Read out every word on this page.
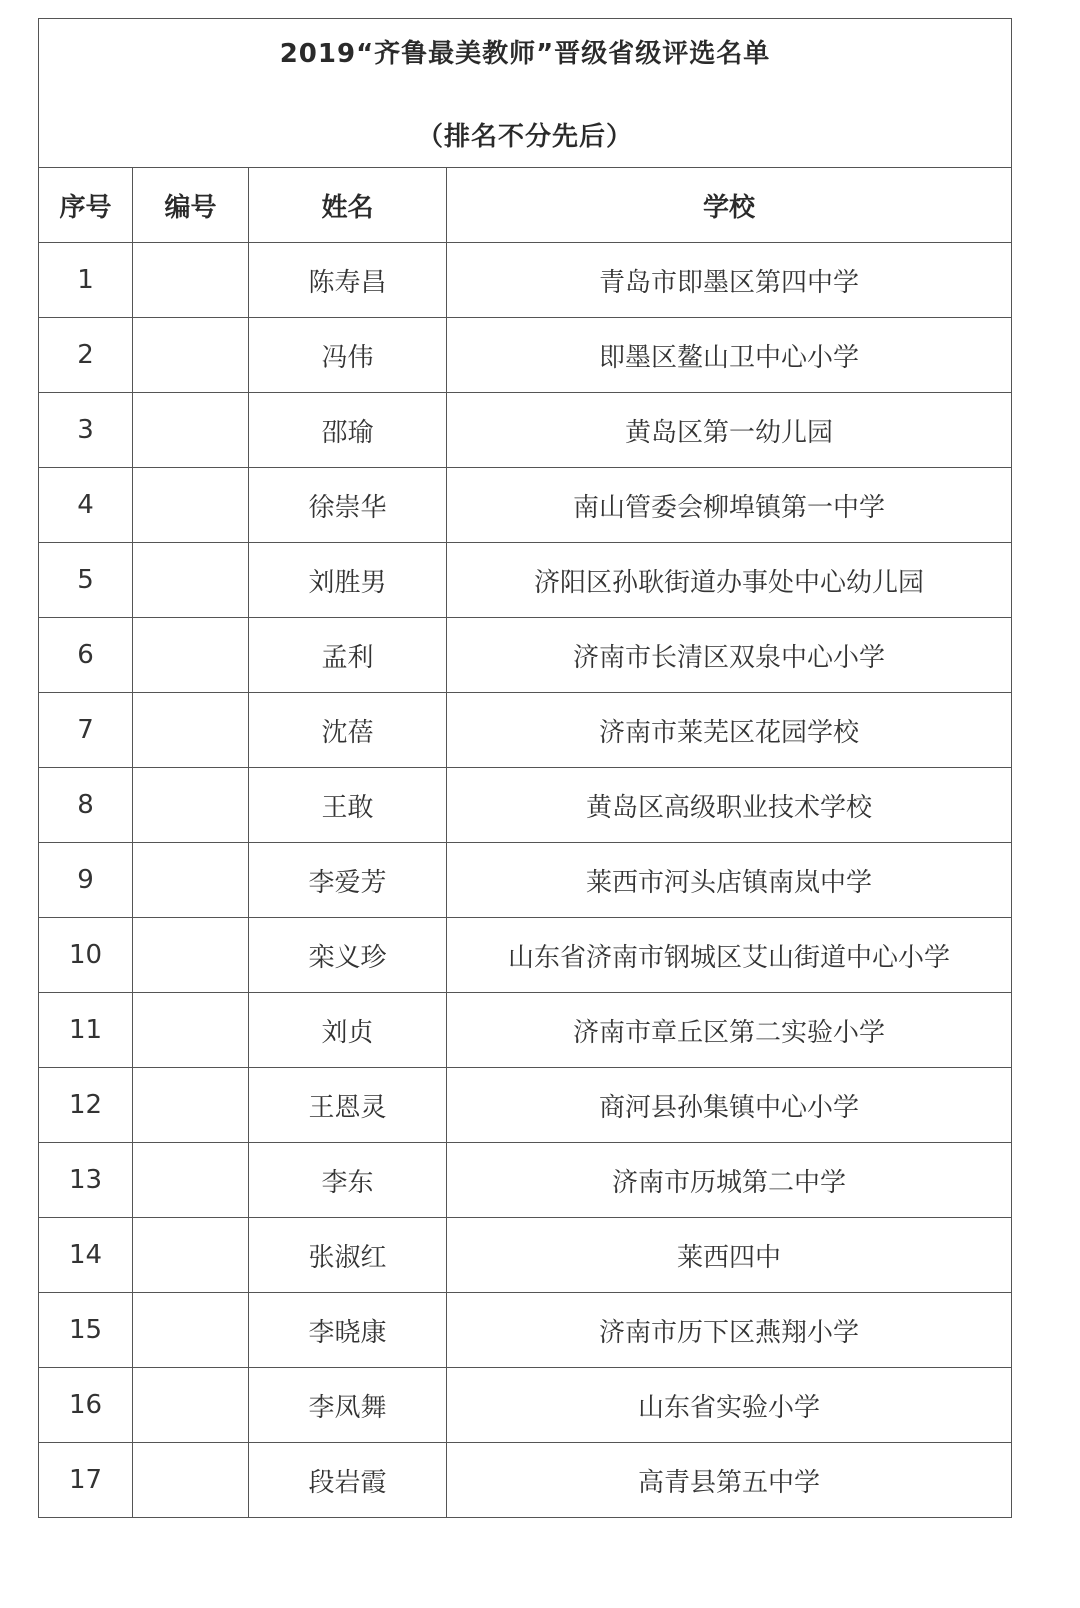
2019“齐鲁最美教师”晋级省级评选名单
（排名不分先后）			

序号	编号	姓名	学校
1		陈寿昌	青岛市即墨区第四中学
2		冯伟	即墨区鳌山卫中心小学
3		邵瑜	黄岛区第一幼儿园
4		徐崇华	南山管委会柳埠镇第一中学
5		刘胜男	济阳区孙耿街道办事处中心幼儿园
6		孟利	济南市长清区双泉中心小学
7		沈蓓	济南市莱芜区花园学校
8		王敢	黄岛区高级职业技术学校
9		李爱芳	莱西市河头店镇南岚中学
10		栾义珍	山东省济南市钢城区艾山街道中心小学
11		刘贞	济南市章丘区第二实验小学
12		王恩灵	商河县孙集镇中心小学
13		李东	济南市历城第二中学
14		张淑红	莱西四中
15		李晓康	济南市历下区燕翔小学
16		李凤舞	山东省实验小学
17		段岩霞	高青县第五中学
